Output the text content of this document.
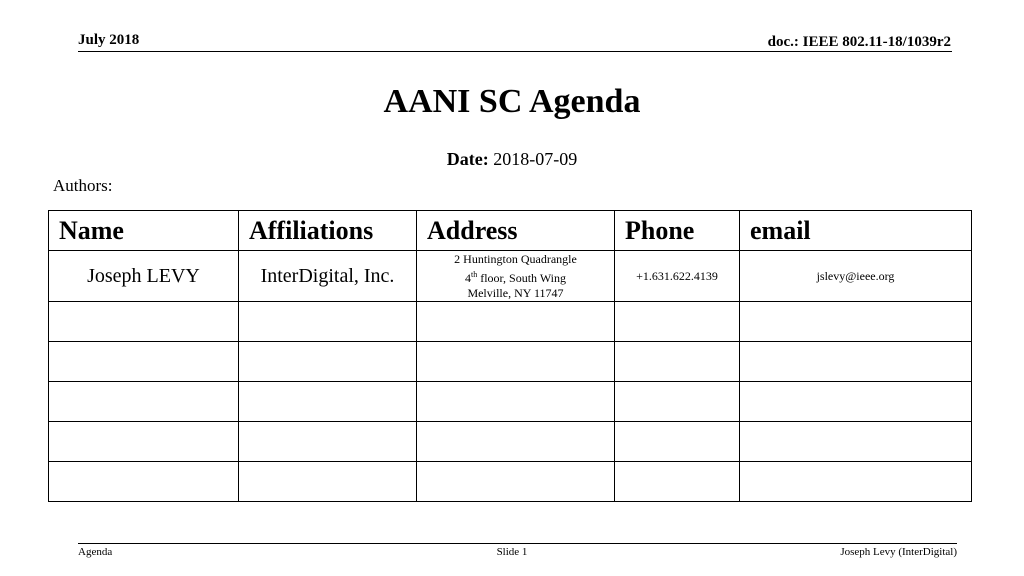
July 2018	doc.: IEEE 802.11-18/1039r2
AANI SC Agenda
Date: 2018-07-09
Authors:
Name	Affiliations	Address	Phone	email
Joseph LEVY	InterDigital, Inc.	2 Huntington Quadrangle
4th floor, South Wing
Melville, NY 11747	+1.631.622.4139	jslevy@ieee.org

Agenda	Slide 1	Joseph Levy (InterDigital)
